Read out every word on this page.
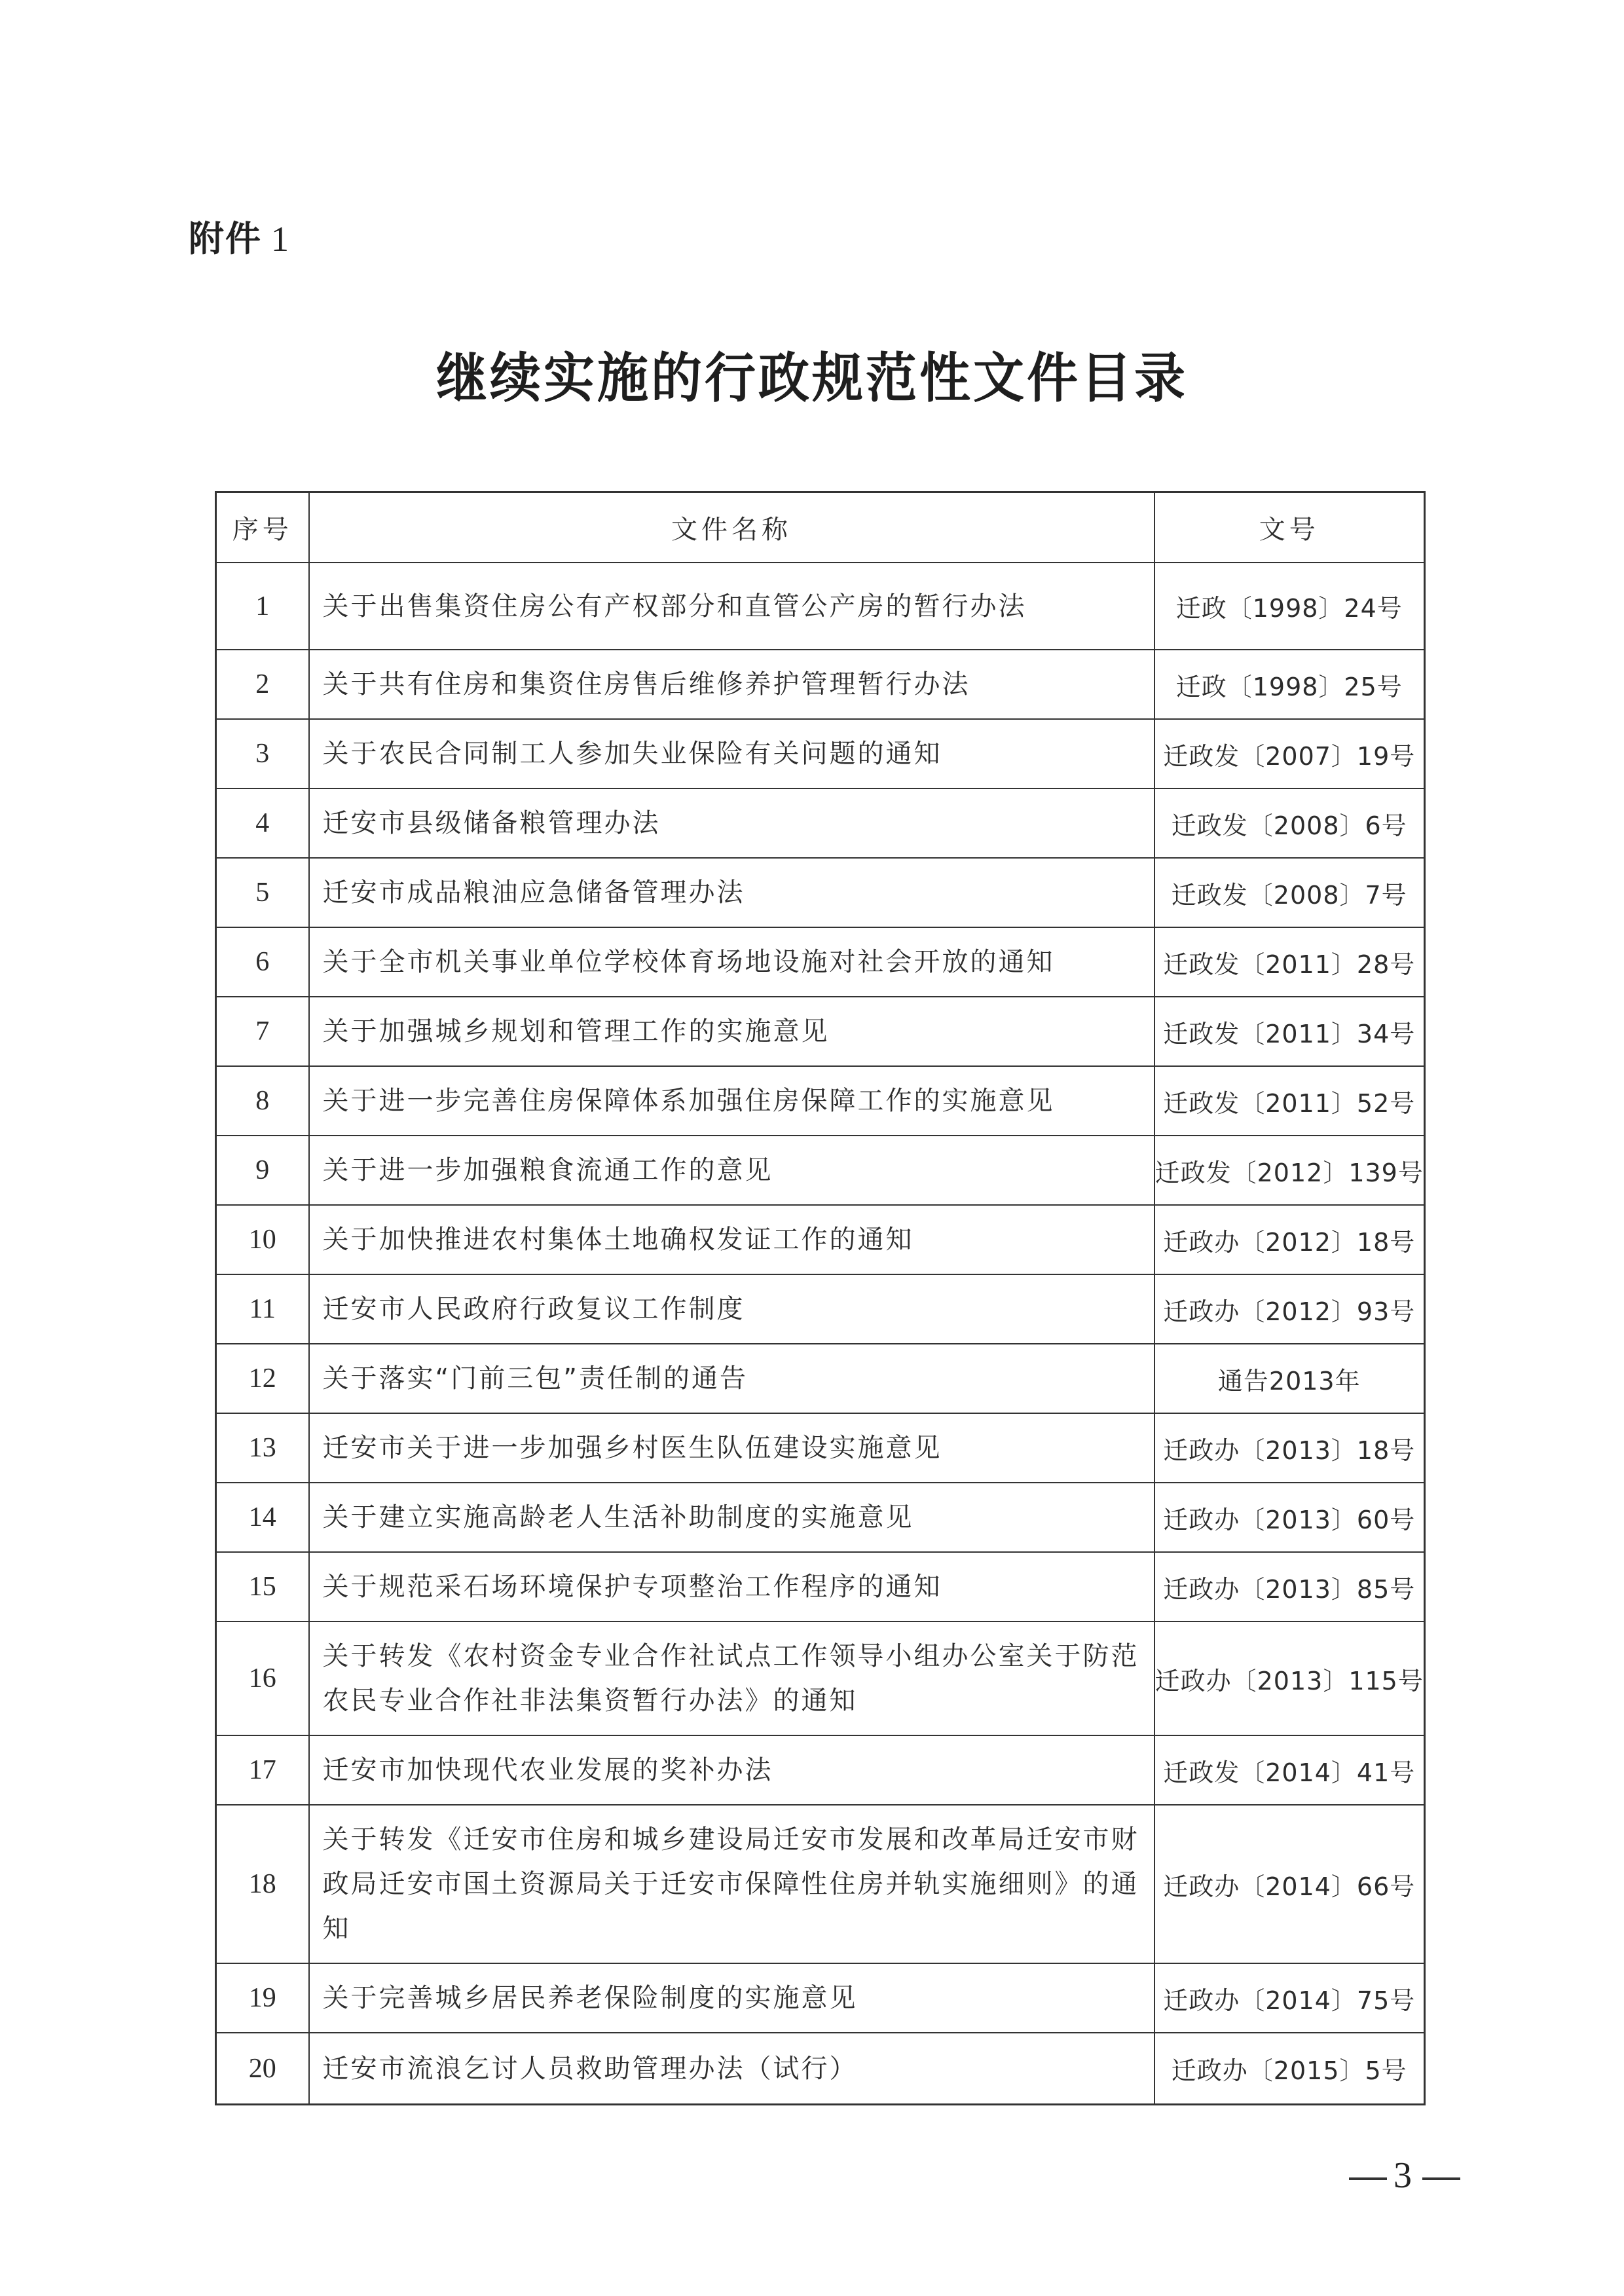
附件 1
继续实施的行政规范性文件目录
序号	文件名称	文号
1	关于出售集资住房公有产权部分和直管公产房的暂行办法	迁政〔1998〕24号
2	关于共有住房和集资住房售后维修养护管理暂行办法	迁政〔1998〕25号
3	关于农民合同制工人参加失业保险有关问题的通知	迁政发〔2007〕19号
4	迁安市县级储备粮管理办法	迁政发〔2008〕6号
5	迁安市成品粮油应急储备管理办法	迁政发〔2008〕7号
6	关于全市机关事业单位学校体育场地设施对社会开放的通知	迁政发〔2011〕28号
7	关于加强城乡规划和管理工作的实施意见	迁政发〔2011〕34号
8	关于进一步完善住房保障体系加强住房保障工作的实施意见	迁政发〔2011〕52号
9	关于进一步加强粮食流通工作的意见	迁政发〔2012〕139号
10	关于加快推进农村集体土地确权发证工作的通知	迁政办〔2012〕18号
11	迁安市人民政府行政复议工作制度	迁政办〔2012〕93号
12	关于落实“门前三包”责任制的通告	通告2013年
13	迁安市关于进一步加强乡村医生队伍建设实施意见	迁政办〔2013〕18号
14	关于建立实施高龄老人生活补助制度的实施意见	迁政办〔2013〕60号
15	关于规范采石场环境保护专项整治工作程序的通知	迁政办〔2013〕85号
16	关于转发《农村资金专业合作社试点工作领导小组办公室关于防范农民专业合作社非法集资暂行办法》的通知	迁政办〔2013〕115号
17	迁安市加快现代农业发展的奖补办法	迁政发〔2014〕41号
18	关于转发《迁安市住房和城乡建设局迁安市发展和改革局迁安市财政局迁安市国土资源局关于迁安市保障性住房并轨实施细则》的通知	迁政办〔2014〕66号
19	关于完善城乡居民养老保险制度的实施意见	迁政办〔2014〕75号
20	迁安市流浪乞讨人员救助管理办法（试行）	迁政办〔2015〕5号
3
